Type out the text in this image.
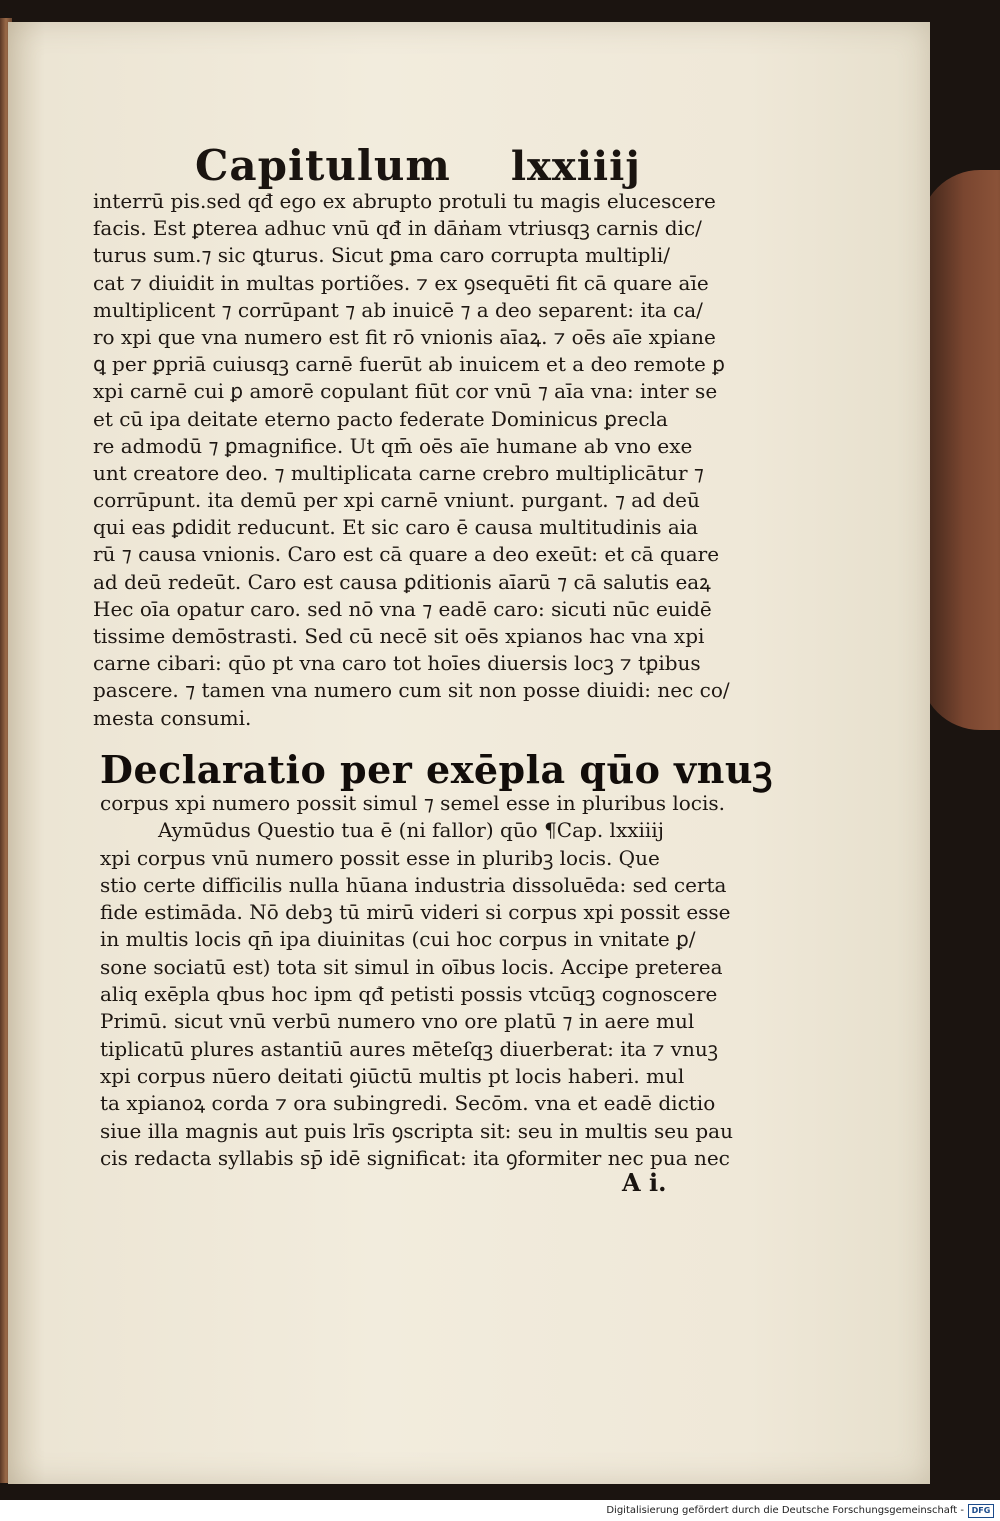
Capitulum lxxiiij
interrū pis.sed qđ ego ex abrupto protuli tu magis elucescere
facis. Est ꝑterea adhuc vnū qđ in dāṅam vtriusqꝫ carnis dic/
turus sum.⁊ sic ꝗturus. Sicut ꝑma caro corrupta multipli/
cat ⁊ diuidit in multas portiões. ⁊ ex ꝯsequēti fit cā quare aīe
multiplicent ⁊ corrūpant ⁊ ab inuicē ⁊ a deo separent: ita ca/
ro xpi que vna numero est fit rō vnionis aīaꝝ. ⁊ oēs aīe xpiane
ꝗ per ꝑpriā cuiusqꝫ carnē fuerūt ab inuicem et a deo remote ꝑ
xpi carnē cui ꝑ amorē copulant fiūt cor vnū ⁊ aīa vna: inter se
et cū ipa deitate eterno pacto federate Dominicus ꝑrecla
re admodū ⁊ ꝑmagnifice. Ut qm̄ oēs aīe humane ab vno exe
unt creatore deo. ⁊ multiplicata carne crebro multiplicātur ⁊
corrūpunt. ita demū per xpi carnē vniunt. purgant. ⁊ ad deū
qui eas ꝑdidit reducunt. Et sic caro ē causa multitudinis aia
rū ⁊ causa vnionis. Caro est cā quare a deo exeūt: et cā quare
ad deū redeūt. Caro est causa ꝑditionis aīarū ⁊ cā salutis eaꝝ
Hec oīa opatur caro. sed nō vna ⁊ eadē caro: sicuti nūc euidē
tissime demōstrasti. Sed cū necē sit oēs xpianos hac vna xpi
carne cibari: qūo pt vna caro tot hoīes diuersis locꝫ ⁊ tꝑibus
pascere. ⁊ tamen vna numero cum sit non posse diuidi: nec co/
mesta consumi.
Declaratio per exēpla qūo vnuꝫ
corpus xpi numero possit simul ⁊ semel esse in pluribus locis.
Aymūdus Questio tua ē (ni fallor) qūo ¶Cap. lxxiiij
xpi corpus vnū numero possit esse in pluribꝫ locis. Que
stio certe difficilis nulla hūana industria dissoluēda: sed certa
fide estimāda. Nō debꝫ tū mirū videri si corpus xpi possit esse
in multis locis qn̄ ipa diuinitas (cui hoc corpus in vnitate ꝑ/
sone sociatū est) tota sit simul in oībus locis. Accipe preterea
aliq exēpla qbus hoc ipm qđ petisti possis vtcūqꝫ cognoscere
Primū. sicut vnū verbū numero vno ore platū ⁊ in aere mul
tiplicatū plures astantiū aures mēteſqꝫ diuerberat: ita ⁊ vnuꝫ
xpi corpus nūero deitati ꝯiūctū multis pt locis haberi. mul
ta xpianoꝝ corda ⁊ ora subingredi. Secōm. vna et eadē dictio
siue illa magnis aut puis lrīs ꝯscripta sit: seu in multis seu pau
cis redacta syllabis sp̄ idē significat: ita ꝯformiter nec pua nec
A i.
Digitalisierung gefördert durch die Deutsche Forschungsgemeinschaft - DFG
